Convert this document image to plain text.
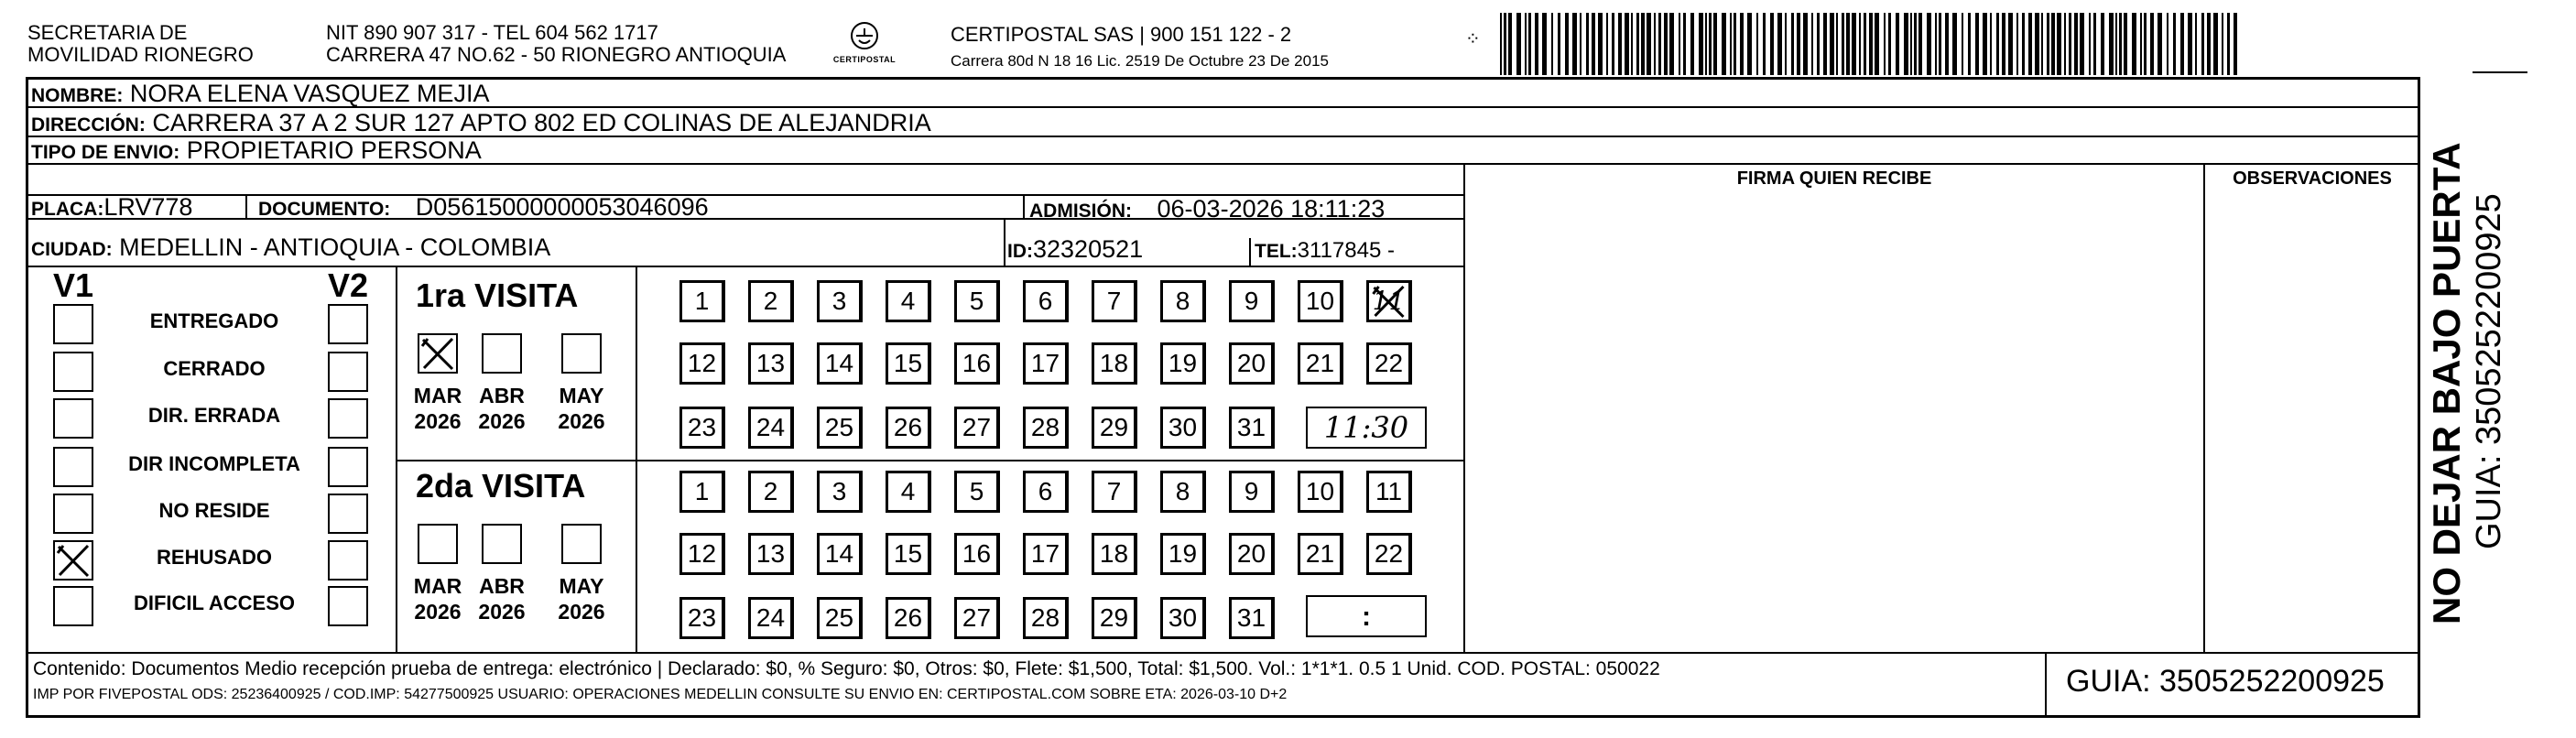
SECRETARIA DE
MOVILIDAD RIONEGRO
NIT 890 907 317 - TEL 604 562 1717
CARRERA 47 NO.62 - 50 RIONEGRO ANTIOQUIA	CERTIPOSTAL
CERTIPOSTAL SAS | 900 151 122 - 2
Carrera 80d N 18 16 Lic. 2519 De Octubre 23 De 2015
⁘
NOMBRE: NORA ELENA VASQUEZ MEJIA
DIRECCIÓN: CARRERA 37 A 2 SUR 127 APTO 802 ED COLINAS DE ALEJANDRIA
TIPO DE ENVIO: PROPIETARIO PERSONA
FIRMA QUIEN RECIBE	OBSERVACIONES
PLACA:LRV778	DOCUMENTO: D05615000000053046096	ADMISIÓN: 06-03-2026 18:11:23
CIUDAD: MEDELLIN - ANTIOQUIA - COLOMBIA	ID:32320521	TEL:3117845 -
V1	V2
ENTREGADO
CERRADO
DIR. ERRADA
DIR INCOMPLETA
NO RESIDE
REHUSADO
DIFICIL ACCESO
1ra VISITA
MAR
2026
ABR
2026
MAY
2026
1	2	3	4	5	6	7	8	9	10	11
12	13	14	15	16	17	18	19	20	21	22
23	24	25	26	27	28	29	30	31	11:30
2da VISITA
MAR
2026
ABR
2026
MAY
2026
1	2	3	4	5	6	7	8	9	10	11
12	13	14	15	16	17	18	19	20	21	22
23	24	25	26	27	28	29	30	31	:
Contenido: Documentos Medio recepción prueba de entrega: electrónico | Declarado: $0, % Seguro: $0, Otros: $0, Flete: $1,500, Total: $1,500. Vol.: 1*1*1. 0.5 1 Unid. COD. POSTAL: 050022
IMP POR FIVEPOSTAL ODS: 25236400925 / COD.IMP: 54277500925 USUARIO: OPERACIONES MEDELLIN CONSULTE SU ENVIO EN: CERTIPOSTAL.COM SOBRE ETA: 2026-03-10 D+2	GUIA: 3505252200925
NO DEJAR BAJO PUERTA GUIA: 3505252200925
